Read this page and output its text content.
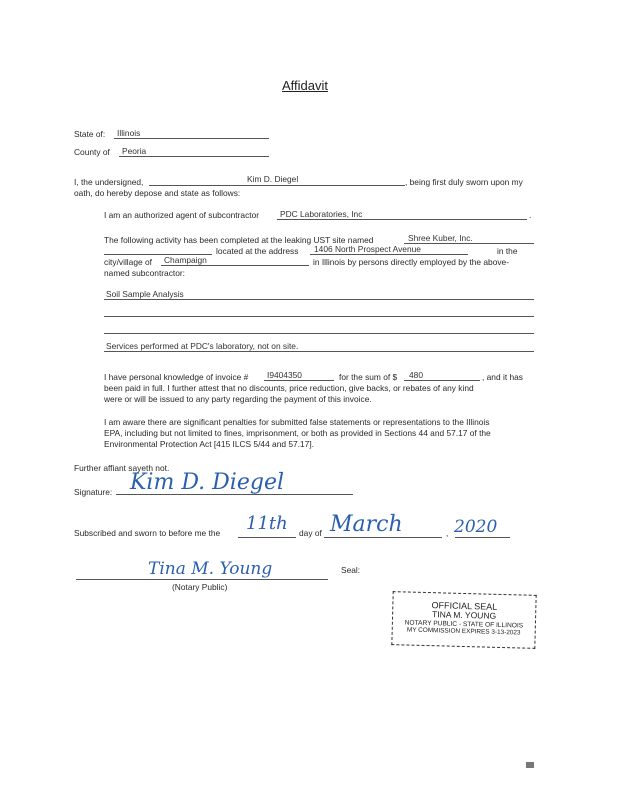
Affidavit
State of: Illinois
County of Peoria
I, the undersigned,	Kim D. Diegel	, being first duly sworn upon my
oath, do hereby depose and state as follows:
I am an authorized agent of subcontractor PDC Laboratories, Inc	.
The following activity has been completed at the leaking UST site named	Shree Kuber, Inc.
located at the address 1406 North Prospect Avenue	in the
city/village of Champaign	in Illinois by persons directly employed by the above-
named subcontractor:
Soil Sample Analysis
Services performed at PDC's laboratory, not on site.
I have personal knowledge of invoice # I9404350	for the sum of $ 480	, and it has
been paid in full. I further attest that no discounts, price reduction, give backs, or rebates of any kind
were or will be issued to any party regarding the payment of this invoice.
I am aware there are significant penalties for submitted false statements or representations to the Illinois
EPA, including but not limited to fines, imprisonment, or both as provided in Sections 44 and 57.17 of the
Environmental Protection Act [415 ILCS 5/44 and 57.17].
Further affiant sayeth not.
Signature: Kim D. Diegel
Subscribed and sworn to before me the 11th day of March	, 2020
Tina M. Young
(Notary Public)
Seal:
OFFICIAL SEAL
TINA M. YOUNG
NOTARY PUBLIC - STATE OF ILLINOIS
MY COMMISSION EXPIRES 3-13-2023
